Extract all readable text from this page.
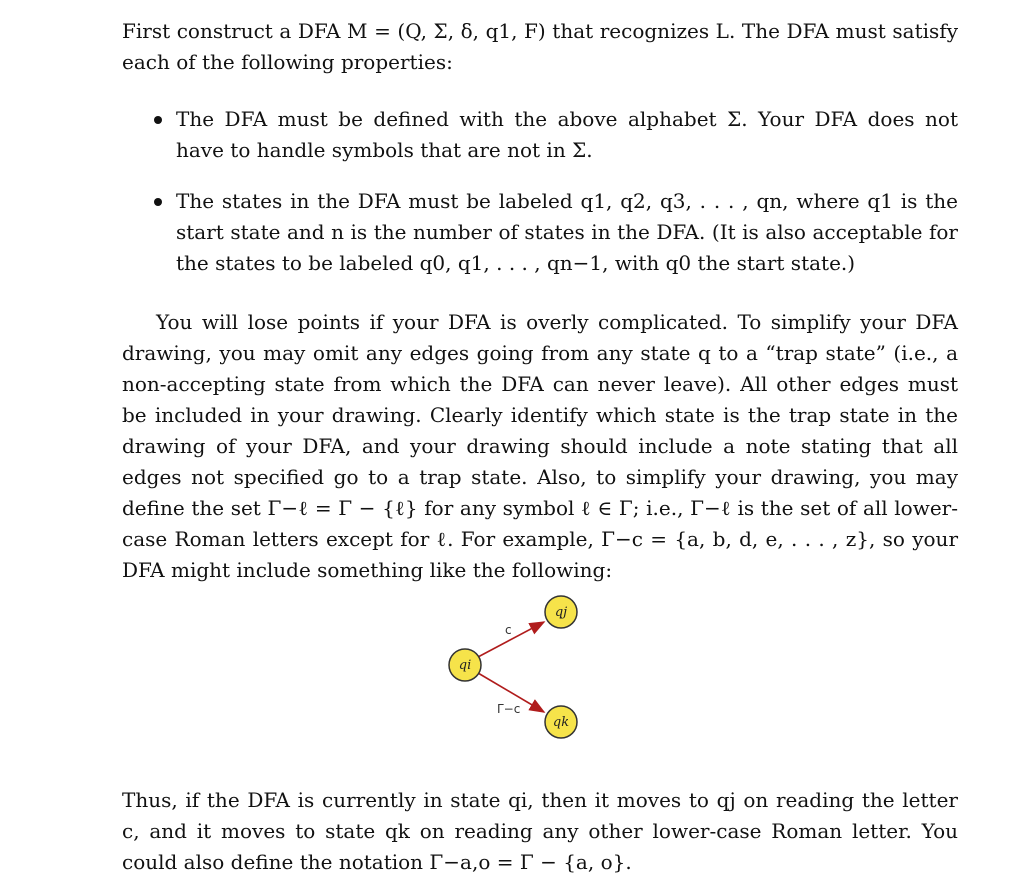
First construct a DFA M = (Q, Σ, δ, q1, F) that recognizes L. The DFA must satisfy each of the following properties:

The DFA must be defined with the above alphabet Σ. Your DFA does not have to handle symbols that are not in Σ.
The states in the DFA must be labeled q1, q2, q3, . . . , qn, where q1 is the start state and n is the number of states in the DFA. (It is also acceptable for the states to be labeled q0, q1, . . . , qn−1, with q0 the start state.)

You will lose points if your DFA is overly complicated. To simplify your DFA drawing, you may omit any edges going from any state q to a “trap state” (i.e., a non-accepting state from which the DFA can never leave). All other edges must be included in your drawing. Clearly identify which state is the trap state in the drawing of your DFA, and your drawing should include a note stating that all edges not specified go to a trap state. Also, to simplify your drawing, you may define the set Γ−ℓ = Γ − {ℓ} for any symbol ℓ ∈ Γ; i.e., Γ−ℓ is the set of all lower-case Roman letters except for ℓ. For example, Γ−c = {a, b, d, e, . . . , z}, so your DFA might include something like the following:

c
Γ−c
qi
qj
qk

Thus, if the DFA is currently in state qi, then it moves to qj on reading the letter c, and it moves to state qk on reading any other lower-case Roman letter. You could also define the notation Γ−a,o = Γ − {a, o}.
